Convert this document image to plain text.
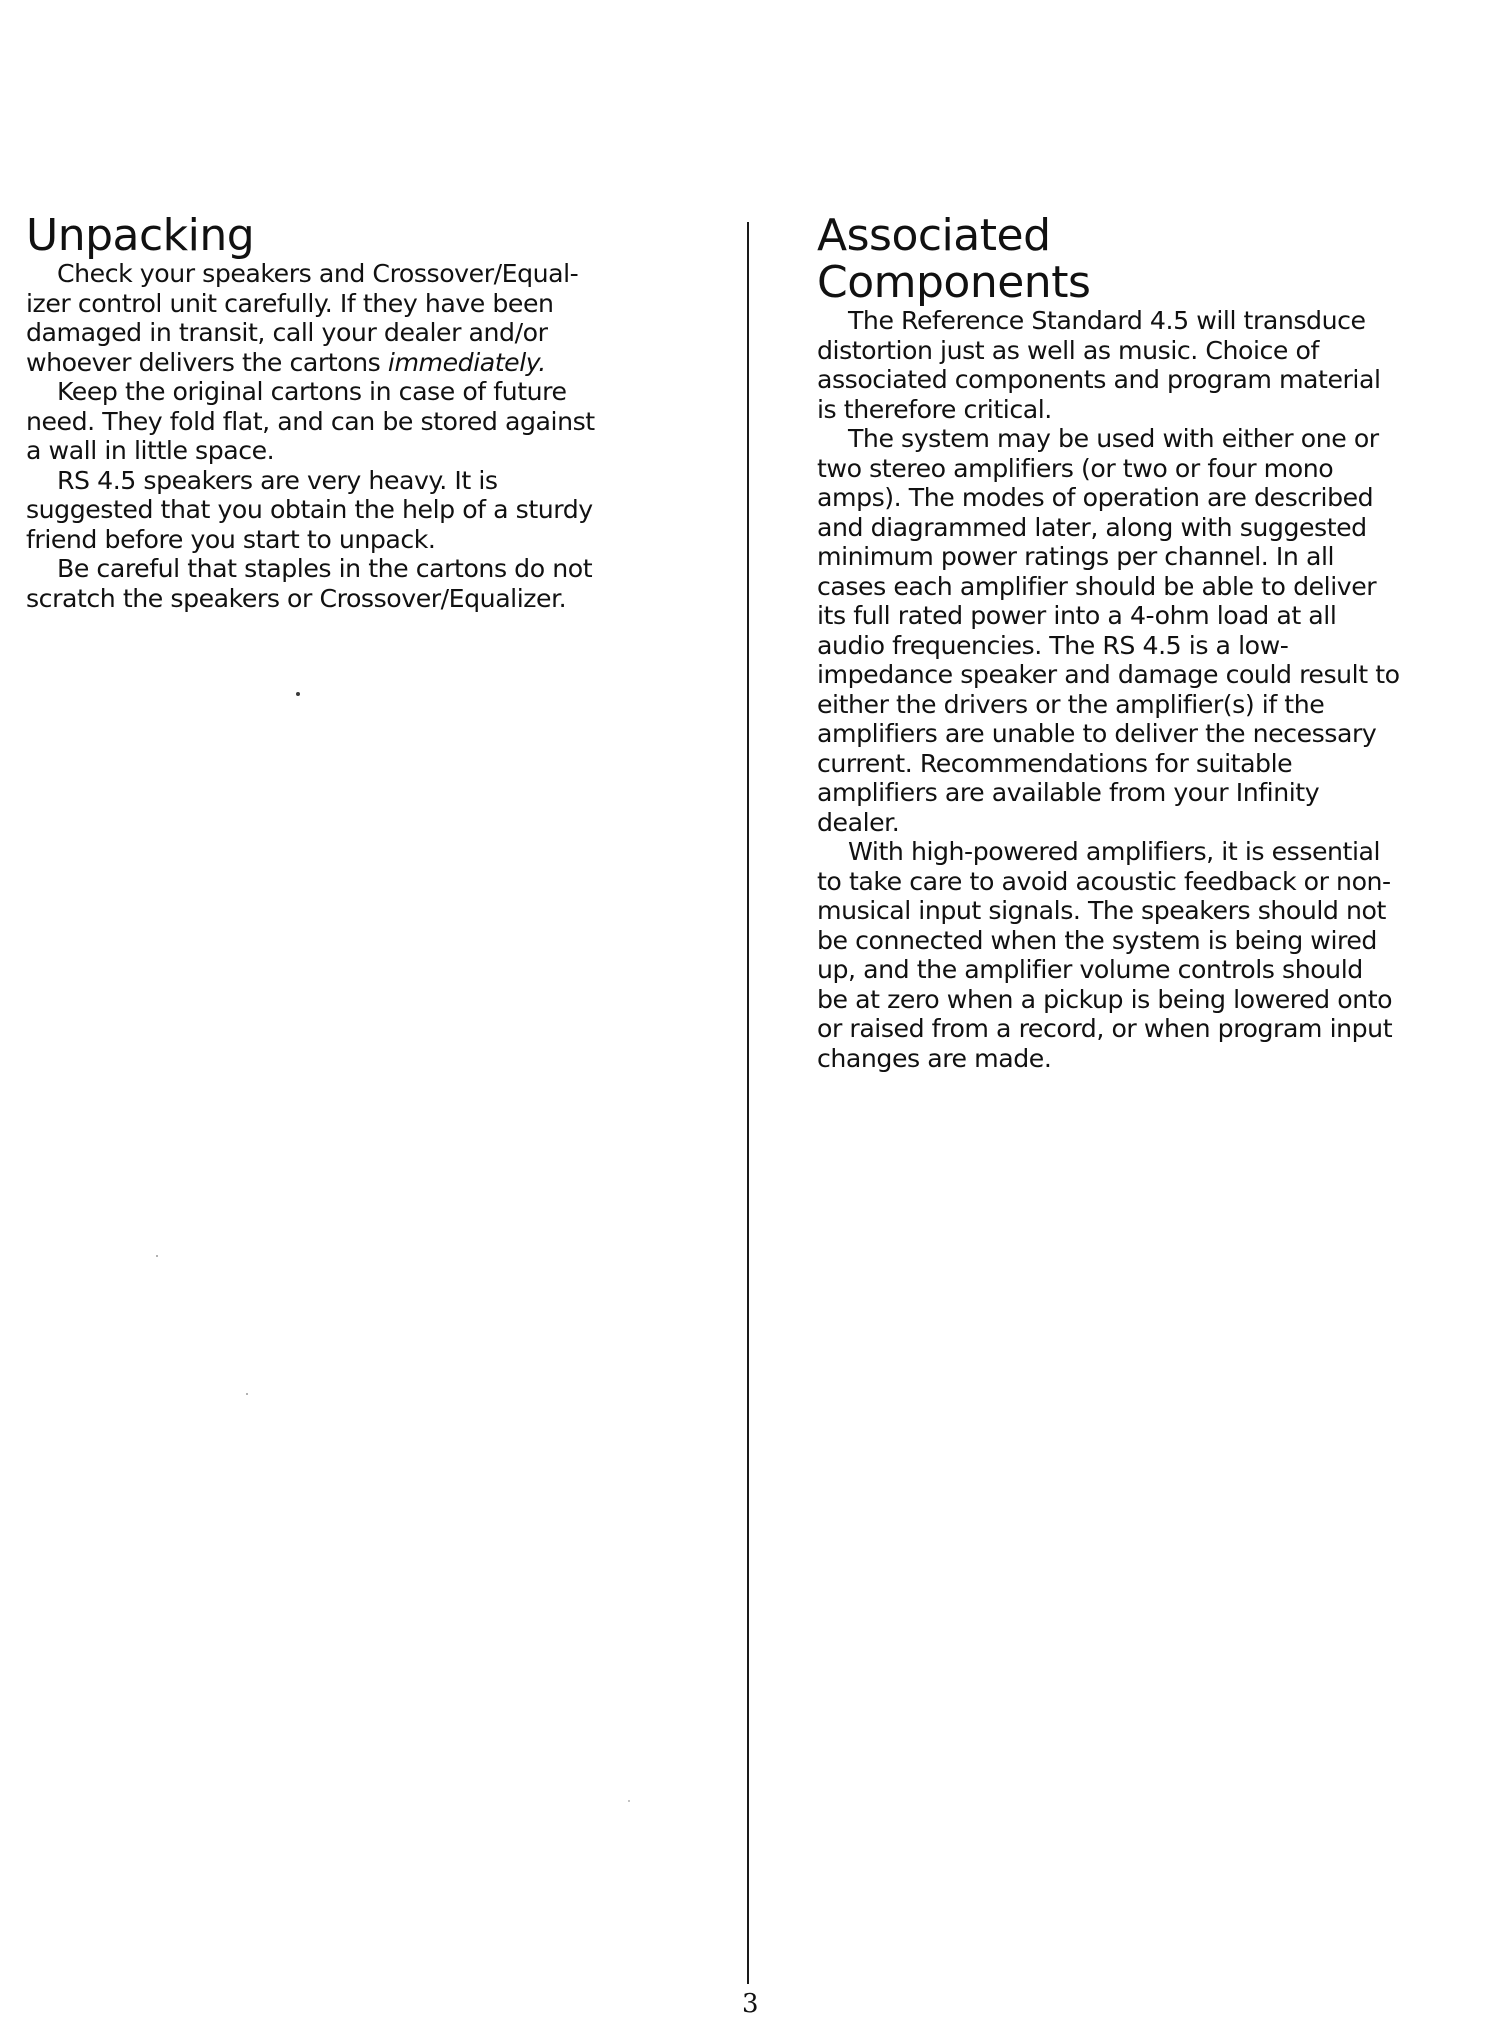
Unpacking
Check your speakers and Crossover/Equal-
izer control unit carefully. If they have been
damaged in transit, call your dealer and/or
whoever delivers the cartons immediately.
Keep the original cartons in case of future
need. They fold flat, and can be stored against
a wall in little space.
RS 4.5 speakers are very heavy. It is
suggested that you obtain the help of a sturdy
friend before you start to unpack.
Be careful that staples in the cartons do not
scratch the speakers or Crossover/Equalizer.
Associated
Components
The Reference Standard 4.5 will transduce
distortion just as well as music. Choice of
associated components and program material
is therefore critical.
The system may be used with either one or
two stereo amplifiers (or two or four mono
amps). The modes of operation are described
and diagrammed later, along with suggested
minimum power ratings per channel. In all
cases each amplifier should be able to deliver
its full rated power into a 4-ohm load at all
audio frequencies. The RS 4.5 is a low-
impedance speaker and damage could result to
either the drivers or the amplifier(s) if the
amplifiers are unable to deliver the necessary
current. Recommendations for suitable
amplifiers are available from your Infinity
dealer.
With high-powered amplifiers, it is essential
to take care to avoid acoustic feedback or non-
musical input signals. The speakers should not
be connected when the system is being wired
up, and the amplifier volume controls should
be at zero when a pickup is being lowered onto
or raised from a record, or when program input
changes are made.
3
